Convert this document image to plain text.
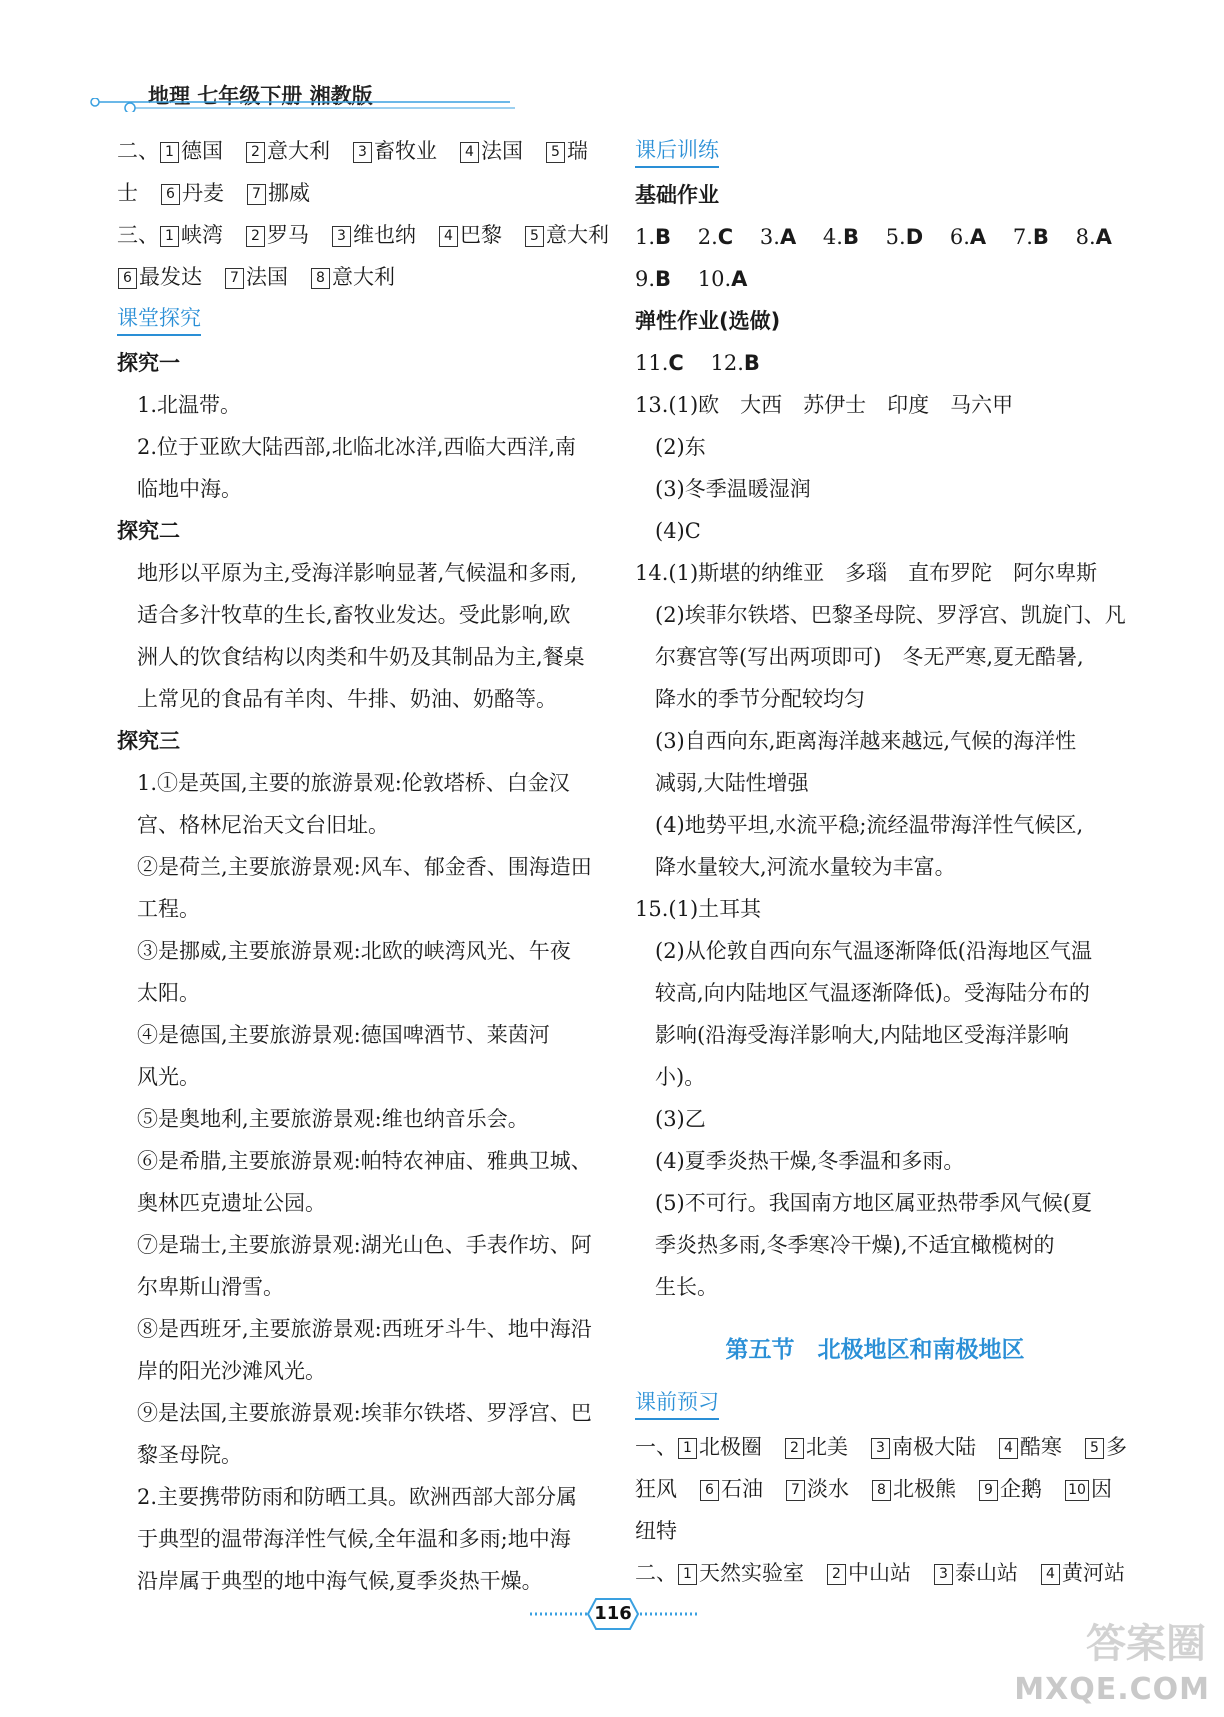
地理 七年级下册 湘教版
二、 1 德国 2 意大利 3 畜牧业 4 法国 5 瑞
士 6 丹麦 7 挪威
三、 1 峡湾 2 罗马 3 维也纳 4 巴黎 5 意大利
6 最发达 7 法国 8 意大利
课堂探究
探究一
1.北温带。
2.位于亚欧大陆西部,北临北冰洋,西临大西洋,南
临地中海。
探究二
地形以平原为主,受海洋影响显著,气候温和多雨,
适合多汁牧草的生长,畜牧业发达。受此影响,欧
洲人的饮食结构以肉类和牛奶及其制品为主,餐桌
上常见的食品有羊肉、牛排、奶油、奶酪等。
探究三
1.①是英国,主要的旅游景观:伦敦塔桥、白金汉
宫、格林尼治天文台旧址。
②是荷兰,主要旅游景观:风车、郁金香、围海造田
工程。
③是挪威,主要旅游景观:北欧的峡湾风光、午夜
太阳。
④是德国,主要旅游景观:德国啤酒节、莱茵河
风光。
⑤是奥地利,主要旅游景观:维也纳音乐会。
⑥是希腊,主要旅游景观:帕特农神庙、雅典卫城、
奥林匹克遗址公园。
⑦是瑞士,主要旅游景观:湖光山色、手表作坊、阿
尔卑斯山滑雪。
⑧是西班牙,主要旅游景观:西班牙斗牛、地中海沿
岸的阳光沙滩风光。
⑨是法国,主要旅游景观:埃菲尔铁塔、罗浮宫、巴
黎圣母院。
2.主要携带防雨和防晒工具。欧洲西部大部分属
于典型的温带海洋性气候,全年温和多雨;地中海
沿岸属于典型的地中海气候,夏季炎热干燥。
课后训练
基础作业
1.B 2.C 3.A 4.B 5.D 6.A 7.B 8.A
9.B 10.A
弹性作业(选做)
11.C 12.B
13.(1)欧　大西　苏伊士　印度　马六甲
(2)东
(3)冬季温暖湿润
(4)C
14.(1)斯堪的纳维亚　多瑙　直布罗陀　阿尔卑斯
(2)埃菲尔铁塔、巴黎圣母院、罗浮宫、凯旋门、凡
尔赛宫等(写出两项即可)　冬无严寒,夏无酷暑,
降水的季节分配较均匀
(3)自西向东,距离海洋越来越远,气候的海洋性
减弱,大陆性增强
(4)地势平坦,水流平稳;流经温带海洋性气候区,
降水量较大,河流水量较为丰富。
15.(1)土耳其
(2)从伦敦自西向东气温逐渐降低(沿海地区气温
较高,向内陆地区气温逐渐降低)。受海陆分布的
影响(沿海受海洋影响大,内陆地区受海洋影响
小)。
(3)乙
(4)夏季炎热干燥,冬季温和多雨。
(5)不可行。我国南方地区属亚热带季风气候(夏
季炎热多雨,冬季寒冷干燥),不适宜橄榄树的
生长。
第五节　北极地区和南极地区
课前预习
一、 1 北极圈 2 北美 3 南极大陆 4 酷寒 5 多
狂风 6 石油 7 淡水 8 北极熊 9 企鹅 10 因
纽特
二、 1 天然实验室 2 中山站 3 泰山站 4 黄河站
116
答案圈
MXQE.COM
